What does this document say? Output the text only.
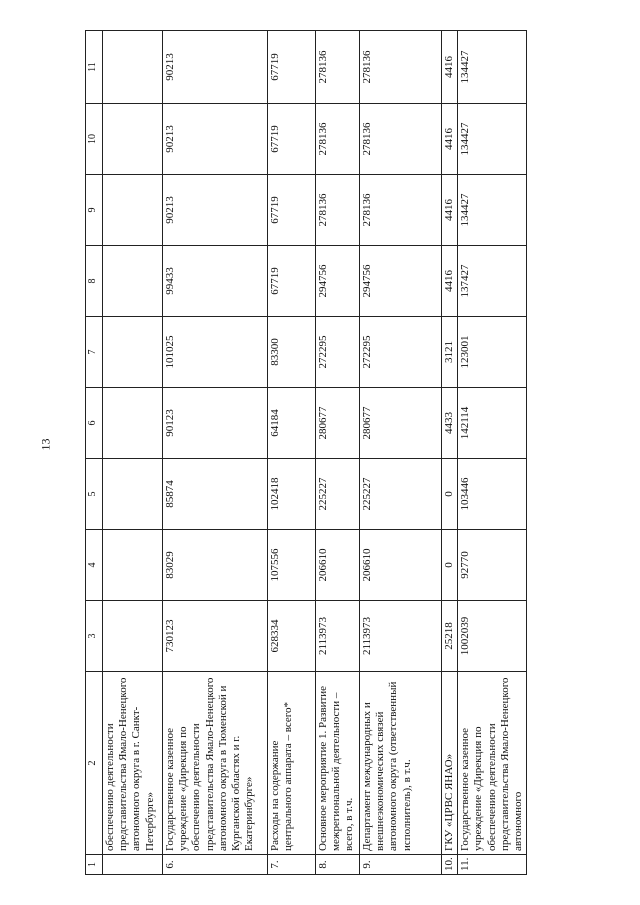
13
1	2	3	4	5	6	7	8	9	10	11
	обеспечению деятельности представительства Ямало-Ненецкого автономного округа в г. Санкт-Петербурге»									
6.	Государственное казенное учреждение «Дирекция по обеспечению деятельности представительства Ямало-Ненецкого автономного округа в Тюменской и Курганской областях и г. Екатеринбурге»	730123	83029	85874	90123	101025	99433	90213	90213	90213
7.	Расходы на содержание центрального аппарата – всего*	628334	107556	102418	64184	83300	67719	67719	67719	67719
8.	Основное мероприятие 1. Развитие межрегиональной деятельности – всего, в т.ч.	2113973	206610	225227	280677	272295	294756	278136	278136	278136
9.	Департамент международных и внешнеэкономических связей автономного округа (ответственный исполнитель), в т.ч.	2113973	206610	225227	280677	272295	294756	278136	278136	278136
10.	ГКУ «ЦРВС ЯНАО»	25218	0	0	4433	3121	4416	4416	4416	4416
11.	Государственное казенное учреждение «Дирекция по обеспечению деятельности представительства Ямало-Ненецкого автономного	1002039	92770	103446	142114	123001	137427	134427	134427	134427
